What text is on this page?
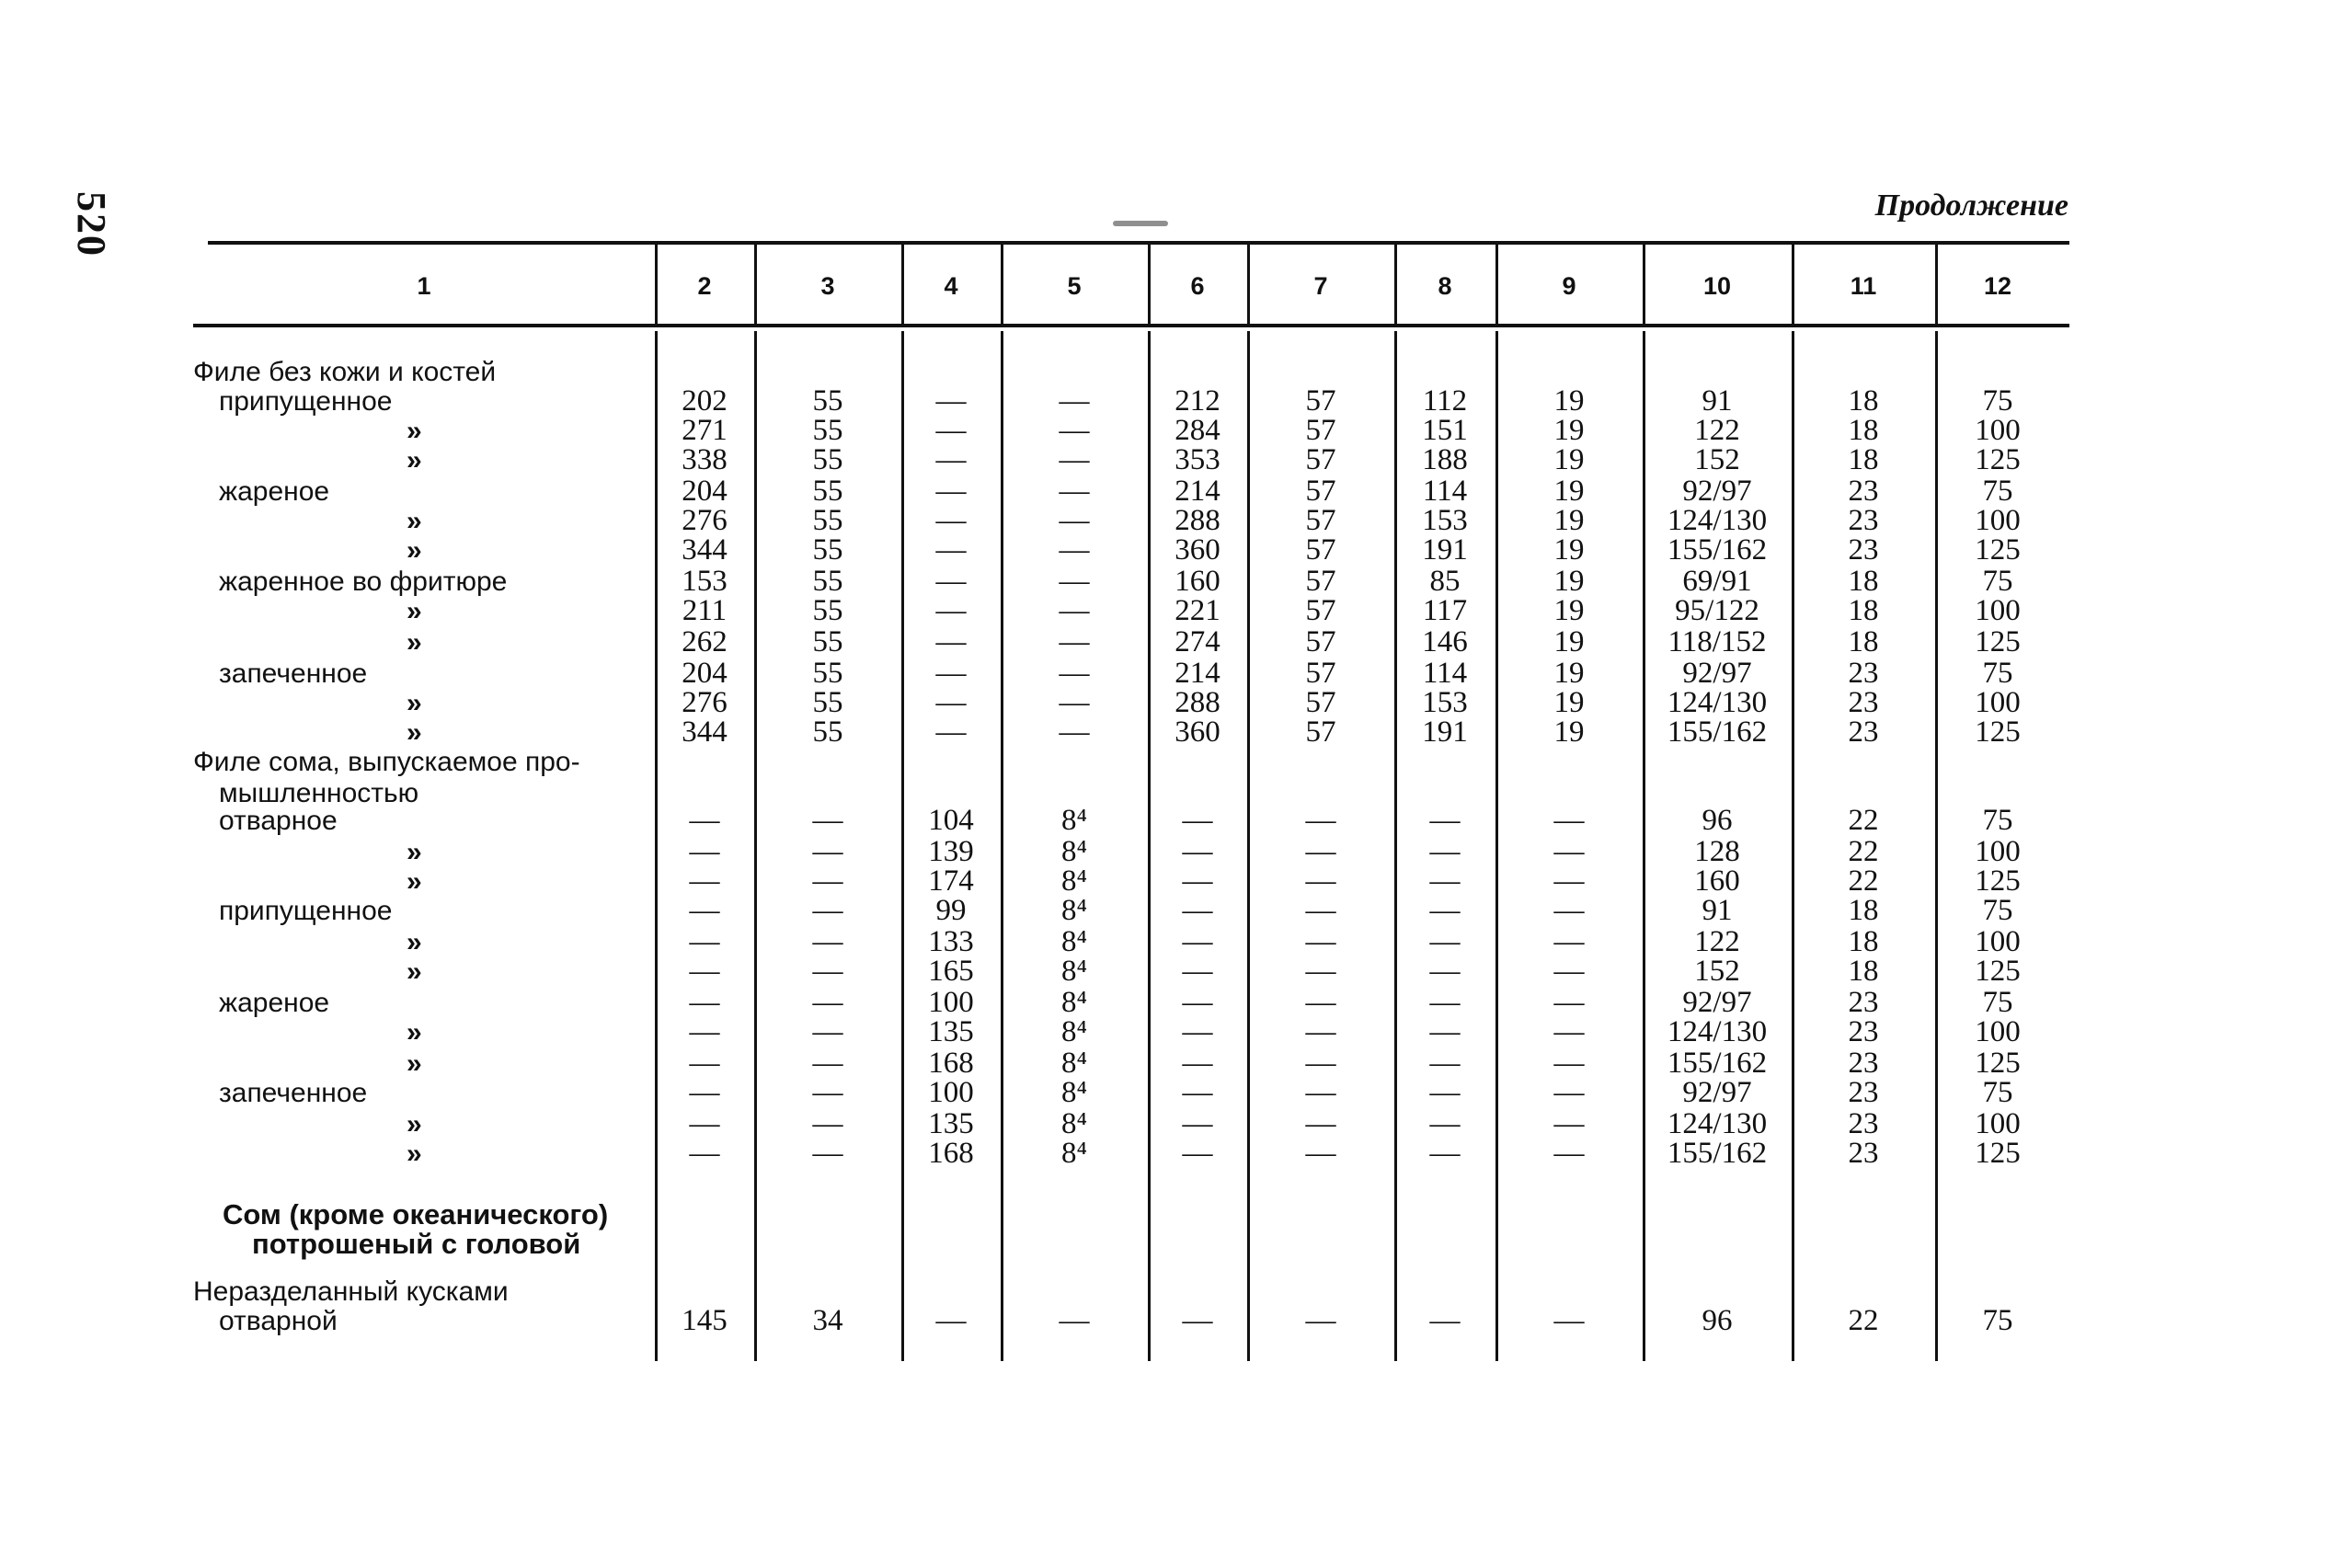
520	Продолжение
1	2	3	4	5	6	7	8	9	10	11	12
Филе без кожи и костей
припущенное	202	55	—	—	212	57	112	19	91	18	75
»	271	55	—	—	284	57	151	19	122	18	100
»	338	55	—	—	353	57	188	19	152	18	125
жареное	204	55	—	—	214	57	114	19	92/97	23	75
»	276	55	—	—	288	57	153	19	124/130	23	100
»	344	55	—	—	360	57	191	19	155/162	23	125
жаренное во фритюре	153	55	—	—	160	57	85	19	69/91	18	75
»	211	55	—	—	221	57	117	19	95/122	18	100
»	262	55	—	—	274	57	146	19	118/152	18	125
запеченное	204	55	—	—	214	57	114	19	92/97	23	75
»	276	55	—	—	288	57	153	19	124/130	23	100
»	344	55	—	—	360	57	191	19	155/162	23	125
Филе сома, выпускаемое про-
мышленностью
отварное	—	—	104	8⁴	—	—	—	—	96	22	75
»	—	—	139	8⁴	—	—	—	—	128	22	100
»	—	—	174	8⁴	—	—	—	—	160	22	125
припущенное	—	—	99	8⁴	—	—	—	—	91	18	75
»	—	—	133	8⁴	—	—	—	—	122	18	100
»	—	—	165	8⁴	—	—	—	—	152	18	125
жареное	—	—	100	8⁴	—	—	—	—	92/97	23	75
»	—	—	135	8⁴	—	—	—	—	124/130	23	100
»	—	—	168	8⁴	—	—	—	—	155/162	23	125
запеченное	—	—	100	8⁴	—	—	—	—	92/97	23	75
»	—	—	135	8⁴	—	—	—	—	124/130	23	100
»	—	—	168	8⁴	—	—	—	—	155/162	23	125
Сом (кроме океанического)
потрошеный с головой
Неразделанный кусками
отварной	145	34	—	—	—	—	—	—	96	22	75
